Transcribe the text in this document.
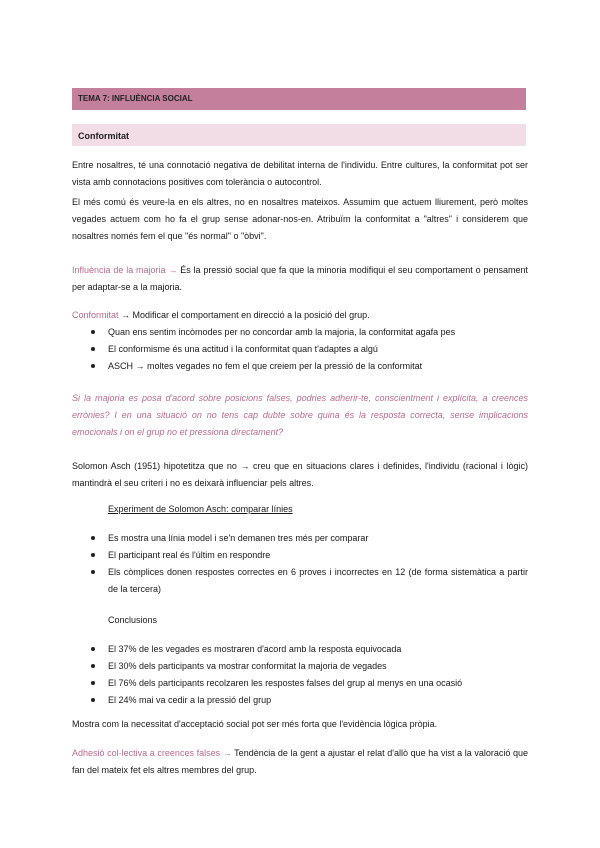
TEMA 7: INFLUÈNCIA SOCIAL
Conformitat
Entre nosaltres, té una connotació negativa de debilitat interna de l'individu. Entre cultures, la conformitat pot ser vista amb connotacions positives com tolerància o autocontrol.
El més comú és veure-la en els altres, no en nosaltres mateixos. Assumim que actuem lliurement, però moltes vegades actuem com ho fa el grup sense adonar-nos-en. Atribuïm la conformitat a "altres" i considerem que nosaltres només fem el que "és normal" o "òbvi".
Influència de la majoria → És la pressió social que fa que la minoria modifiqui el seu comportament o pensament per adaptar-se a la majoria.
Conformitat → Modificar el comportament en direcció a la posició del grup.
Quan ens sentim incòmodes per no concordar amb la majoria, la conformitat agafa pes
El conformisme és una actitud i la conformitat quan t'adaptes a algú
ASCH → moltes vegades no fem el que creiem per la pressió de la conformitat
Si la majoria es posa d'acord sobre posicions falses, podries adherir-te, conscientment i explícita, a creences errònies? I en una situació on no tens cap dubte sobre quina és la resposta correcta, sense implicacions emocionals i on el grup no et pressiona directament?
Solomon Asch (1951) hipotetitza que no → creu que en situacions clares i definides, l'individu (racional i lògic) mantindrà el seu criteri i no es deixarà influenciar pels altres.
Experiment de Solomon Asch: comparar línies
Es mostra una línia model i se'n demanen tres més per comparar
El participant real és l'últim en respondre
Els còmplices donen respostes correctes en 6 proves i incorrectes en 12 (de forma sistemàtica a partir de la tercera)
Conclusions
El 37% de les vegades es mostraren d'acord amb la resposta equivocada
El 30% dels participants va mostrar conformitat la majoria de vegades
El 76% dels participants recolzaren les respostes falses del grup al menys en una ocasió
El 24% mai va cedir a la pressió del grup
Mostra com la necessitat d'acceptació social pot ser més forta que l'evidència lògica pròpia.
Adhesió col·lectiva a creences falses → Tendència de la gent a ajustar el relat d'allò que ha vist a la valoració que fan del mateix fet els altres membres del grup.
